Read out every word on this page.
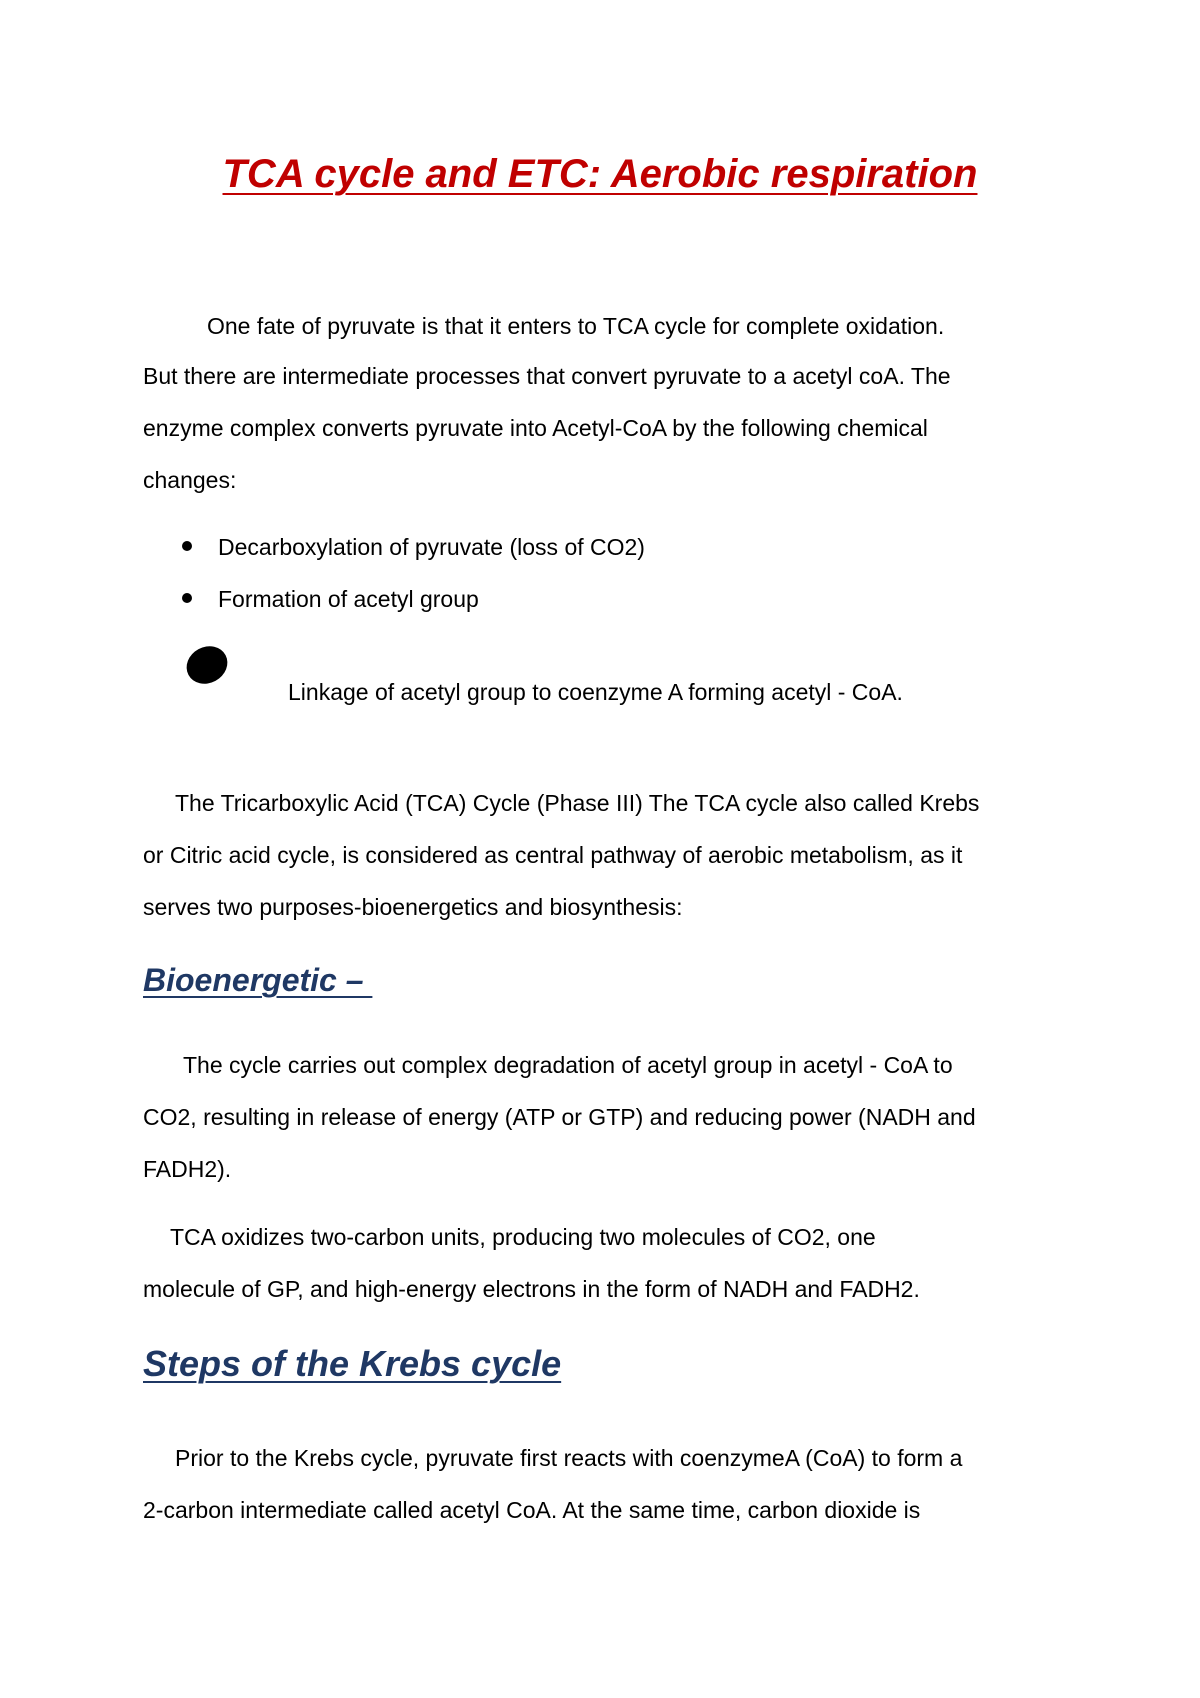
TCA cycle and ETC: Aerobic respiration
One fate of pyruvate is that it enters to TCA cycle for complete oxidation.
But there are intermediate processes that convert pyruvate to a acetyl coA. The
enzyme complex converts pyruvate into Acetyl-CoA by the following chemical
changes:
Decarboxylation of pyruvate (loss of CO2)
Formation of acetyl group
Linkage of acetyl group to coenzyme A forming acetyl - CoA.
The Tricarboxylic Acid (TCA) Cycle (Phase III) The TCA cycle also called Krebs
or Citric acid cycle, is considered as central pathway of aerobic metabolism, as it
serves two purposes-bioenergetics and biosynthesis:
Bioenergetic –
The cycle carries out complex degradation of acetyl group in acetyl - CoA to
CO2, resulting in release of energy (ATP or GTP) and reducing power (NADH and
FADH2).
TCA oxidizes two-carbon units, producing two molecules of CO2, one
molecule of GP, and high-energy electrons in the form of NADH and FADH2.
Steps of the Krebs cycle
Prior to the Krebs cycle, pyruvate first reacts with coenzymeA (CoA) to form a
2-carbon intermediate called acetyl CoA. At the same time, carbon dioxide is
